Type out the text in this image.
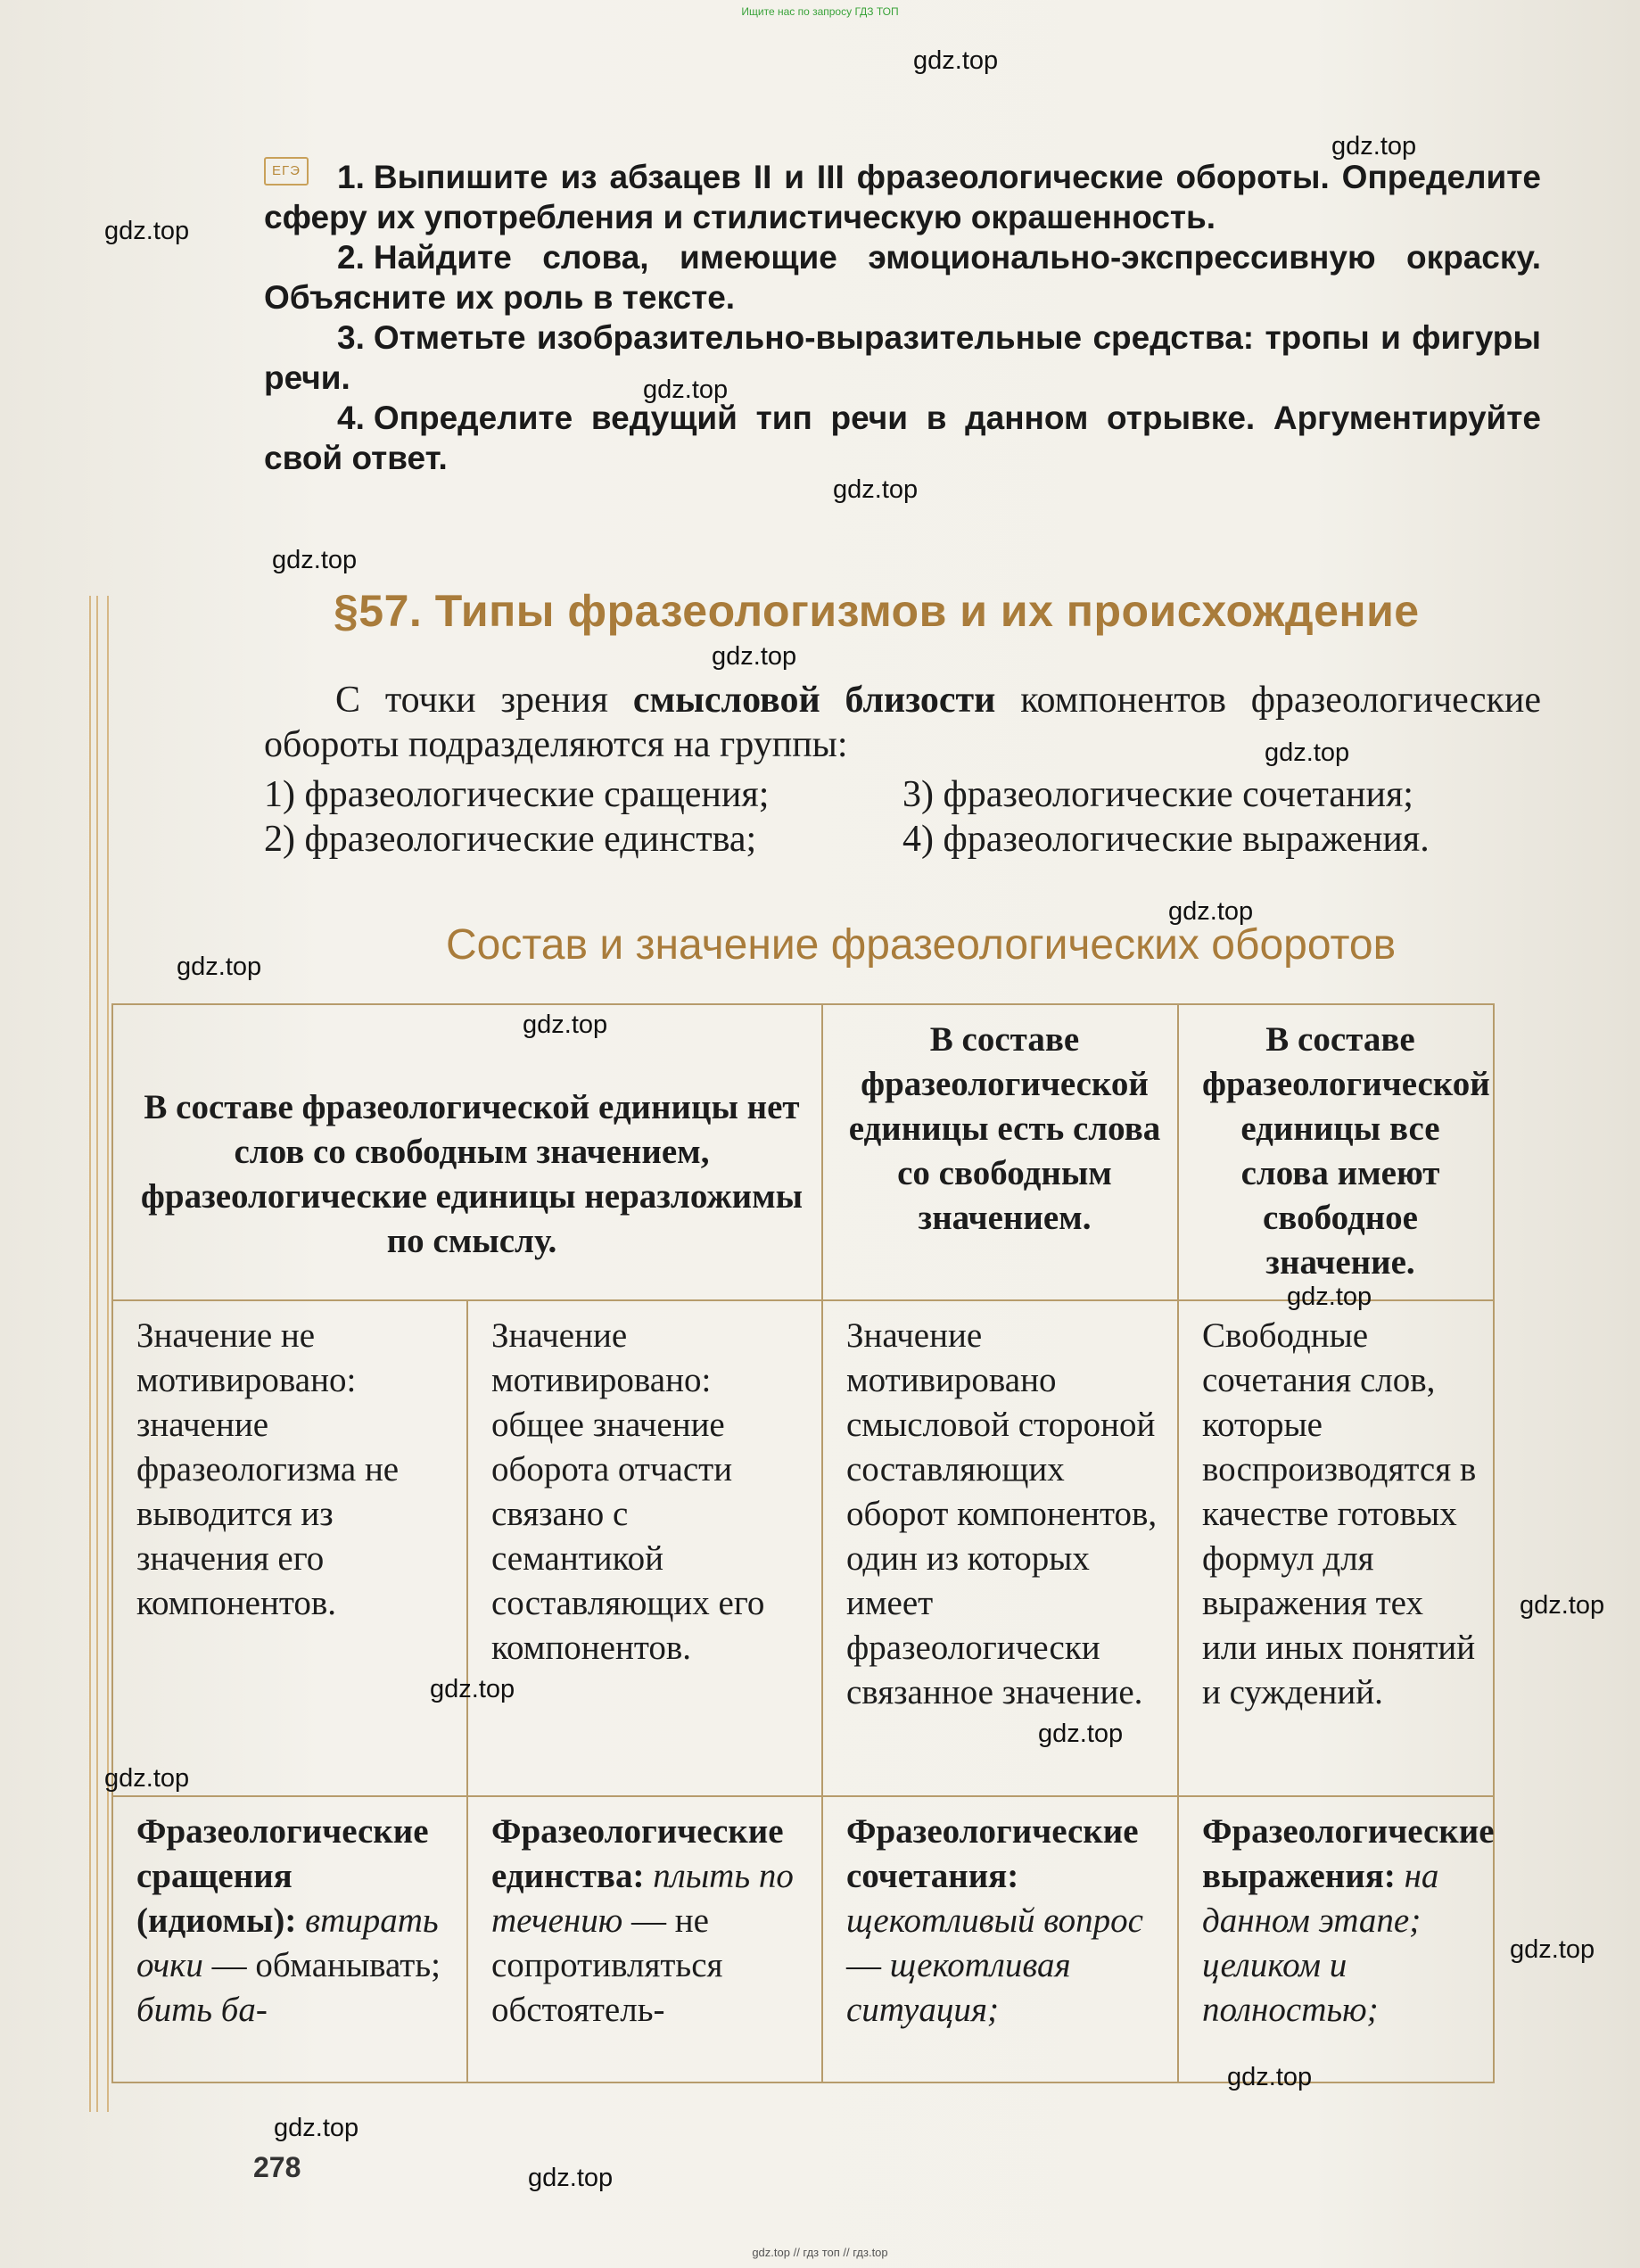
Ищите нас по запросу ГДЗ ТОП
ЕГЭ	1. Выпишите из абзацев II и III фразеологические обороты. Определите сферу их употребления и стилистическую окрашенность.

2. Найдите слова, имеющие эмоционально-экспрессивную окраску. Объясните их роль в тексте.

3. Отметьте изобразительно-выразительные средства: тропы и фигуры речи.

4. Определите ведущий тип речи в данном отрывке. Аргументируйте свой ответ.

§57. Типы фразеологизмов и их происхождение

С точки зрения смысловой близости компонентов фразеологические обороты подразделяются на группы:

1) фразеологические сращения;	3) фразеологические сочетания;
2) фразеологические единства;	4) фразеологические выражения.
Состав и значение фразеологических оборотов
В составе фразеологической единицы нет слов со свободным значением, фразеологические единицы неразложимы по смыслу.		В составе фразеологической единицы есть слова со свободным значением.	В составе фразеологической единицы все слова имеют свободное значение.
Значение не мотивировано: значение фразеологизма не выводится из значения его компонентов.	Значение мотивировано: общее значение оборота отчасти связано с семантикой составляющих его компонентов.	Значение мотивировано смысловой стороной составляющих оборот компонентов, один из которых имеет фразеологически связанное значение.	Свободные сочетания слов, которые воспроизводятся в качестве готовых формул для выражения тех или иных понятий и суждений.
Фразеологические сращения (идиомы): втирать очки — обманывать; бить ба-	Фразеологические единства: плыть по течению — не сопротивляться обстоятель-	Фразеологические сочетания: щекотливый вопрос — щекотливая ситуация;	Фразеологические выражения: на данном этапе; целиком и полностью;
278
gdz.top
gdz.top
gdz.top
gdz.top
gdz.top
gdz.top
gdz.top
gdz.top
gdz.top
gdz.top
gdz.top
gdz.top
gdz.top
gdz.top
gdz.top
gdz.top
gdz.top
gdz.top
gdz.top
gdz.top
gdz.top // гдз топ // гдз.top
